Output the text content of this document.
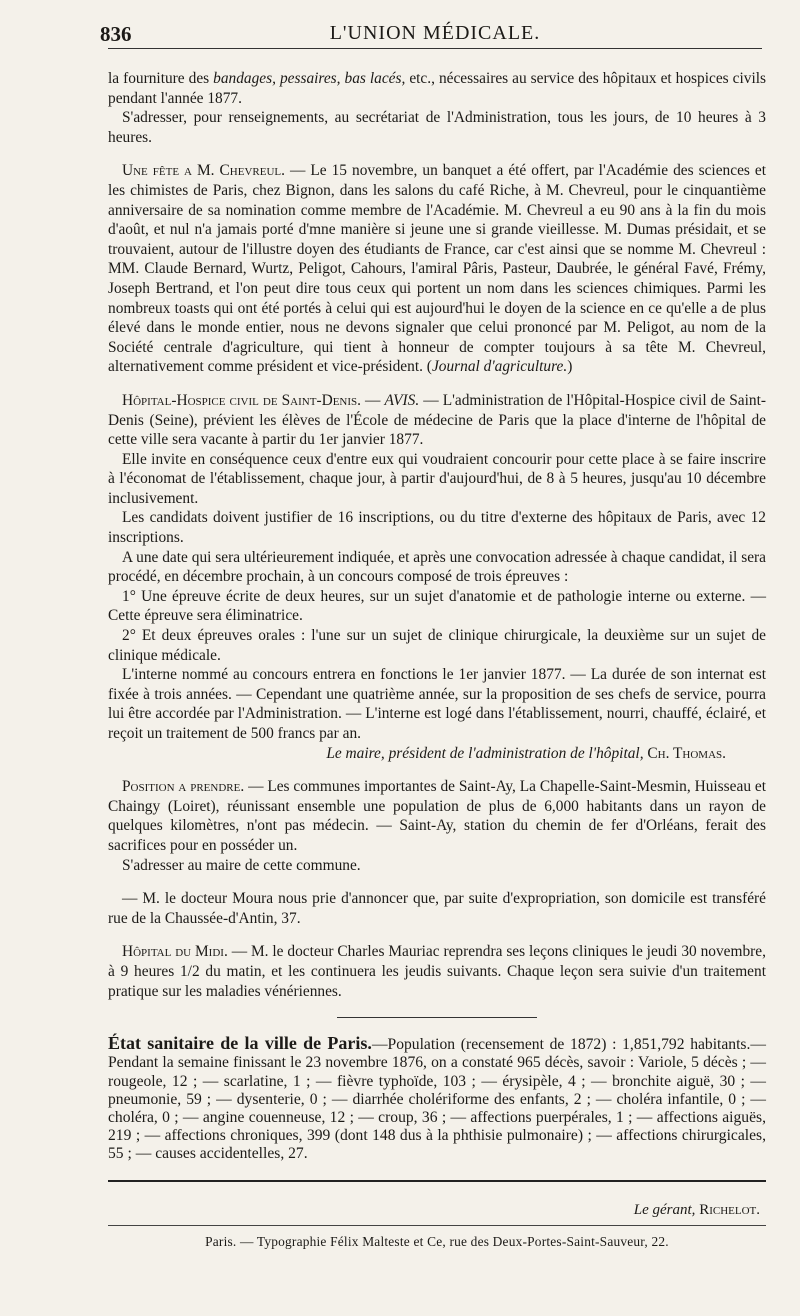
836	L'UNION MÉDICALE.

la fourniture des bandages, pessaires, bas lacés, etc., nécessaires au service des hôpitaux et hospices civils pendant l'année 1877.

S'adresser, pour renseignements, au secrétariat de l'Administration, tous les jours, de 10 heures à 3 heures.

Une fête a M. Chevreul. — Le 15 novembre, un banquet a été offert, par l'Académie des sciences et les chimistes de Paris, chez Bignon, dans les salons du café Riche, à M. Chevreul, pour le cinquantième anniversaire de sa nomination comme membre de l'Académie. M. Chevreul a eu 90 ans à la fin du mois d'août, et nul n'a jamais porté d'mne manière si jeune une si grande vieillesse. M. Dumas présidait, et se trouvaient, autour de l'illustre doyen des étudiants de France, car c'est ainsi que se nomme M. Chevreul : MM. Claude Bernard, Wurtz, Peligot, Cahours, l'amiral Pâris, Pasteur, Daubrée, le général Favé, Frémy, Joseph Bertrand, et l'on peut dire tous ceux qui portent un nom dans les sciences chimiques. Parmi les nombreux toasts qui ont été portés à celui qui est aujourd'hui le doyen de la science en ce qu'elle a de plus élevé dans le monde entier, nous ne devons signaler que celui prononcé par M. Peligot, au nom de la Société centrale d'agriculture, qui tient à honneur de compter toujours à sa tête M. Chevreul, alternativement comme président et vice-président. (Journal d'agriculture.)

Hôpital-Hospice civil de Saint-Denis. — AVIS. — L'administration de l'Hôpital-Hospice civil de Saint-Denis (Seine), prévient les élèves de l'École de médecine de Paris que la place d'interne de l'hôpital de cette ville sera vacante à partir du 1er janvier 1877.

Elle invite en conséquence ceux d'entre eux qui voudraient concourir pour cette place à se faire inscrire à l'économat de l'établissement, chaque jour, à partir d'aujourd'hui, de 8 à 5 heures, jusqu'au 10 décembre inclusivement.

Les candidats doivent justifier de 16 inscriptions, ou du titre d'externe des hôpitaux de Paris, avec 12 inscriptions.

A une date qui sera ultérieurement indiquée, et après une convocation adressée à chaque candidat, il sera procédé, en décembre prochain, à un concours composé de trois épreuves :

1° Une épreuve écrite de deux heures, sur un sujet d'anatomie et de pathologie interne ou externe. — Cette épreuve sera éliminatrice.

2° Et deux épreuves orales : l'une sur un sujet de clinique chirurgicale, la deuxième sur un sujet de clinique médicale.

L'interne nommé au concours entrera en fonctions le 1er janvier 1877. — La durée de son internat est fixée à trois années. — Cependant une quatrième année, sur la proposition de ses chefs de service, pourra lui être accordée par l'Administration. — L'interne est logé dans l'établissement, nourri, chauffé, éclairé, et reçoit un traitement de 500 francs par an.

Le maire, président de l'administration de l'hôpital, Ch. Thomas.

Position a prendre. — Les communes importantes de Saint-Ay, La Chapelle-Saint-Mesmin, Huisseau et Chaingy (Loiret), réunissant ensemble une population de plus de 6,000 habitants dans un rayon de quelques kilomètres, n'ont pas médecin. — Saint-Ay, station du chemin de fer d'Orléans, ferait des sacrifices pour en posséder un.

S'adresser au maire de cette commune.

— M. le docteur Moura nous prie d'annoncer que, par suite d'expropriation, son domicile est transféré rue de la Chaussée-d'Antin, 37.

Hôpital du Midi. — M. le docteur Charles Mauriac reprendra ses leçons cliniques le jeudi 30 novembre, à 9 heures 1/2 du matin, et les continuera les jeudis suivants. Chaque leçon sera suivie d'un traitement pratique sur les maladies vénériennes.

État sanitaire de la ville de Paris.—Population (recensement de 1872) : 1,851,792 habitants.—Pendant la semaine finissant le 23 novembre 1876, on a constaté 965 décès, savoir : Variole, 5 décès ; — rougeole, 12 ; — scarlatine, 1 ; — fièvre typhoïde, 103 ; — érysipèle, 4 ; — bronchite aiguë, 30 ; — pneumonie, 59 ; — dysenterie, 0 ; — diarrhée cholériforme des enfants, 2 ; — choléra infantile, 0 ; — choléra, 0 ; — angine couenneuse, 12 ; — croup, 36 ; — affections puerpérales, 1 ; — affections aiguës, 219 ; — affections chroniques, 399 (dont 148 dus à la phthisie pulmonaire) ; — affections chirurgicales, 55 ; — causes accidentelles, 27.

Le gérant, Richelot.
Paris. — Typographie Félix Malteste et Ce, rue des Deux-Portes-Saint-Sauveur, 22.
